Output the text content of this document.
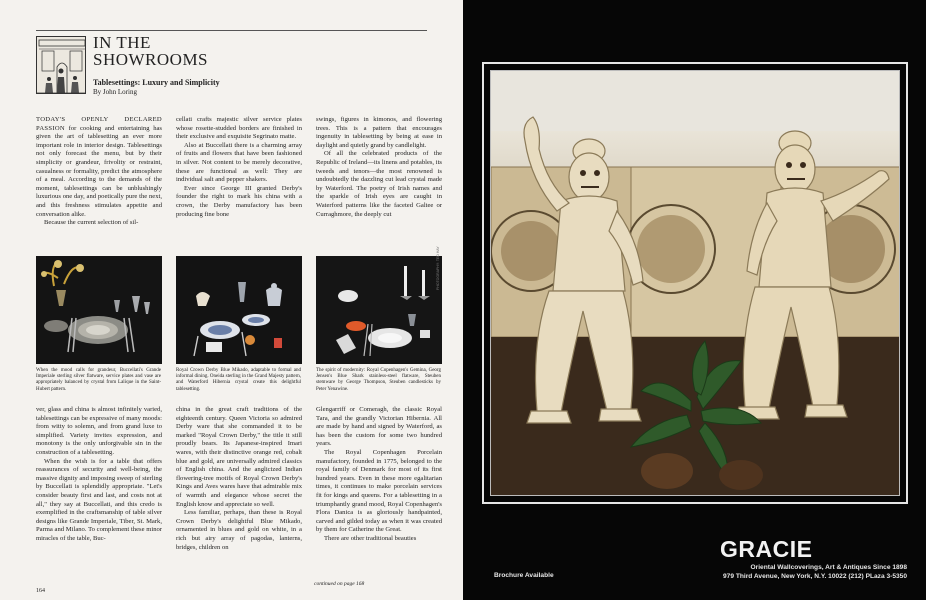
IN THE
SHOWROOMS
Tablesettings: Luxury and Simplicity
By John Loring

TODAY'S OPENLY DECLARED PASSION for cooking and entertaining has given the art of tablesetting an ever more important role in interior design. Tablesettings not only forecast the menu, but by their simplicity or grandeur, frivolity or restraint, casualness or formality, predict the atmosphere of a meal. According to the demands of the moment, tablesettings can be unblushingly luxurious one day, and poetically pure the next, and this freshness stimulates appetite and conversation alike.

Because the current selection of sil-

cellati crafts majestic silver service plates whose rosette-studded borders are finished in their exclusive and exquisite Segrinato matte.

Also at Buccellati there is a charming array of fruits and flowers that have been fashioned in silver. Not content to be merely decorative, these are functional as well: They are individual salt and pepper shakers.

Ever since George III granted Derby's founder the right to mark his china with a crown, the Derby manufactory has been producing fine bone

swings, figures in kimonos, and flowering trees. This is a pattern that encourages ingenuity in tablesetting by being at ease in daylight and quietly grand by candlelight.

Of all the celebrated products of the Republic of Ireland—its linens and potables, its tweeds and tenors—the most renowned is undoubtedly the dazzling cut lead crystal made by Waterford. The poetry of Irish names and the sparkle of Irish eyes are caught in Waterford patterns like the faceted Galtee or Curraghmore, the deeply cut

PHOTOGRAPHY: TED HAY
When the mood calls for grandeur, Buccellati's Grande Imperiale sterling silver flatware, service plates and vase are appropriately balanced by crystal from Lalique in the Saint-Hubert pattern.
Royal Crown Derby Blue Mikado, adaptable to formal and informal dining. Oneida sterling in the Grand Majesty pattern, and Waterford Hibernia crystal create this delightful tablesetting.
The spirit of modernity: Royal Copenhagen's Gemina, Georg Jensen's Blue Shark stainless-steel flatware, Steuben stemware by George Thompson, Steuben candlesticks by Peter Yenawine.

ver, glass and china is almost infinitely varied, tablesettings can be expressive of many moods: from witty to solemn, and from grand luxe to simplified. Variety invites expression, and monotony is the only unforgivable sin in the construction of a tablesetting.

When the wish is for a table that offers reassurances of security and well-being, the massive dignity and imposing sweep of sterling by Buccellati is splendidly appropriate. "Let's consider beauty first and last, and costs not at all," they say at Buccellati, and this credo is exemplified in the craftsmanship of table silver designs like Grande Imperiale, Tiber, St. Mark, Parma and Milano. To complement these minor miracles of the table, Buc-

china in the great craft traditions of the eighteenth century. Queen Victoria so admired Derby ware that she commanded it to be marked "Royal Crown Derby," the title it still proudly bears. Its Japanese-inspired Imari wares, with their distinctive orange red, cobalt blue and gold, are universally admired classics of English china. And the anglicized Indian flowering-tree motifs of Royal Crown Derby's Kings and Aves wares have that admirable mix of warmth and elegance whose secret the English know and appreciate so well.

Less familiar, perhaps, than these is Royal Crown Derby's delightful Blue Mikado, ornamented in blues and gold on white, in a rich but airy array of pagodas, lanterns, bridges, children on

Glengarriff or Comeragh, the classic Royal Tara, and the grandly Victorian Hibernia. All are made by hand and signed by Waterford, as has been the custom for some two hundred years.

The Royal Copenhagen Porcelain manufactory, founded in 1775, belonged to the royal family of Denmark for most of its first hundred years. Even in these more egalitarian times, it continues to make porcelain services fit for kings and queens. For a tablesetting in a triumphantly grand mood, Royal Copenhagen's Flora Danica is as gloriously handpainted, carved and gilded today as when it was created by them for Catherine the Great.

There are other traditional beauties

164
continued on page 168
GRACIE
Brochure Available
Oriental Wallcoverings, Art & Antiques Since 1898
979 Third Avenue, New York, N.Y. 10022 (212) PLaza 3-5350
